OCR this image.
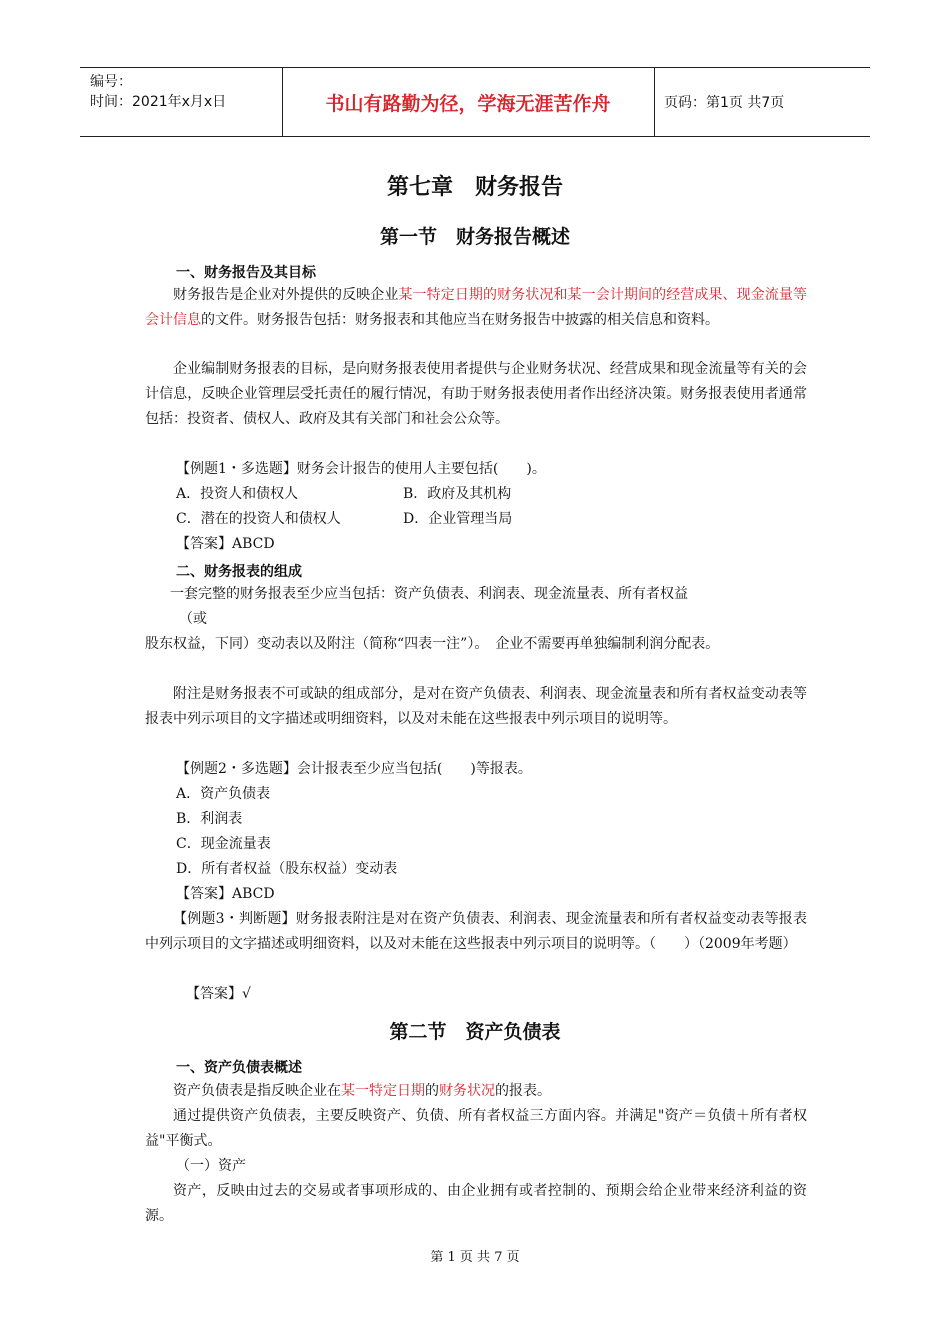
编号：
时间：2021年x月x日	书山有路勤为径，学海无涯苦作舟	页码：第1页 共7页
第七章　财务报告
第一节　财务报告概述
一、财务报告及其目标
财务报告是企业对外提供的反映企业某一特定日期的财务状况和某一会计期间的经营成果、现金流量等会计信息的文件。财务报告包括：财务报表和其他应当在财务报告中披露的相关信息和资料。
企业编制财务报表的目标，是向财务报表使用者提供与企业财务状况、经营成果和现金流量等有关的会计信息，反映企业管理层受托责任的履行情况，有助于财务报表使用者作出经济决策。财务报表使用者通常包括：投资者、债权人、政府及其有关部门和社会公众等。
【例题1・多选题】财务会计报告的使用人主要包括(　　)。
A．投资人和债权人	B．政府及其机构
C．潜在的投资人和债权人	D．企业管理当局
【答案】ABCD
二、财务报表的组成
一套完整的财务报表至少应当包括：资产负债表、利润表、现金流量表、所有者权益
（或
股东权益，下同）变动表以及附注（简称“四表一注”）。　企业不需要再单独编制利润分配表。
附注是财务报表不可或缺的组成部分，是对在资产负债表、利润表、现金流量表和所有者权益变动表等报表中列示项目的文字描述或明细资料，以及对未能在这些报表中列示项目的说明等。
【例题2・多选题】会计报表至少应当包括(　　)等报表。
A．资产负债表
B．利润表
C．现金流量表
D．所有者权益（股东权益）变动表
【答案】ABCD
【例题3・判断题】财务报表附注是对在资产负债表、利润表、现金流量表和所有者权益变动表等报表中列示项目的文字描述或明细资料，以及对未能在这些报表中列示项目的说明等。（　　）（2009年考题）
【答案】√
第二节　资产负债表
一、资产负债表概述
资产负债表是指反映企业在某一特定日期的财务状况的报表。
通过提供资产负债表，主要反映资产、负债、所有者权益三方面内容。并满足"资产＝负债＋所有者权益"平衡式。
（一）资产
资产，反映由过去的交易或者事项形成的、由企业拥有或者控制的、预期会给企业带来经济利益的资源。
第 1 页 共 7 页
